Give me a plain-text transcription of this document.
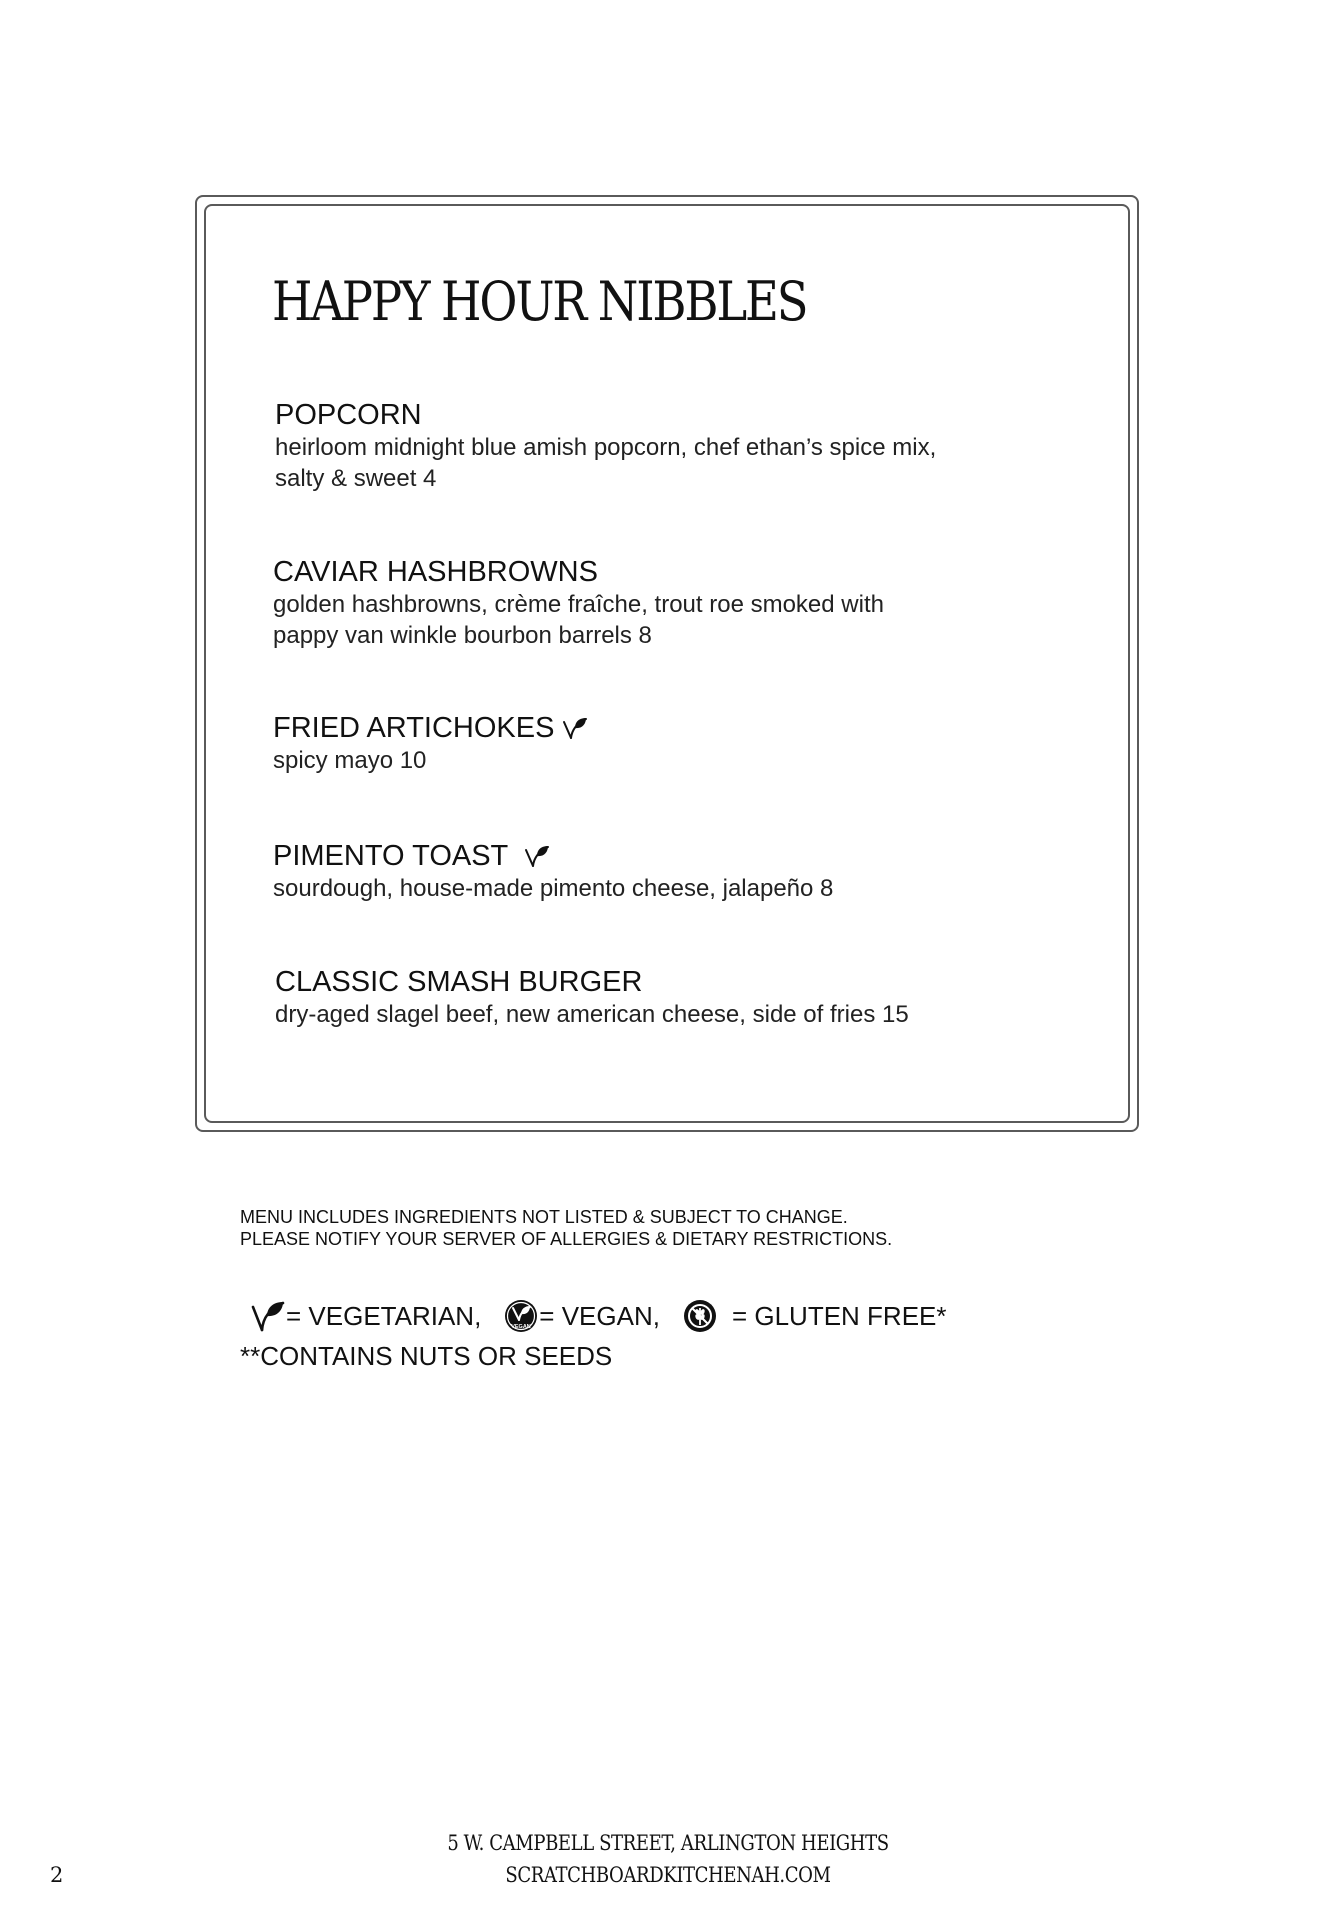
HAPPY HOUR NIBBLES
POPCORN
heirloom midnight blue amish popcorn, chef ethan’s spice mix,
salty & sweet 4
CAVIAR HASHBROWNS
golden hashbrowns, crème fraîche, trout roe smoked with
pappy van winkle bourbon barrels 8
FRIED ARTICHOKES
spicy mayo 10
PIMENTO TOAST
sourdough, house-made pimento cheese, jalapeño 8
CLASSIC SMASH BURGER
dry-aged slagel beef, new american cheese, side of fries 15
MENU INCLUDES INGREDIENTS NOT LISTED & SUBJECT TO CHANGE.
PLEASE NOTIFY YOUR SERVER OF ALLERGIES & DIETARY RESTRICTIONS.
= VEGETARIAN,	VEGAN = VEGAN,	= GLUTEN FREE*
**CONTAINS NUTS OR SEEDS
5 W. CAMPBELL STREET, ARLINGTON HEIGHTS
SCRATCHBOARDKITCHENAH.COM
2
